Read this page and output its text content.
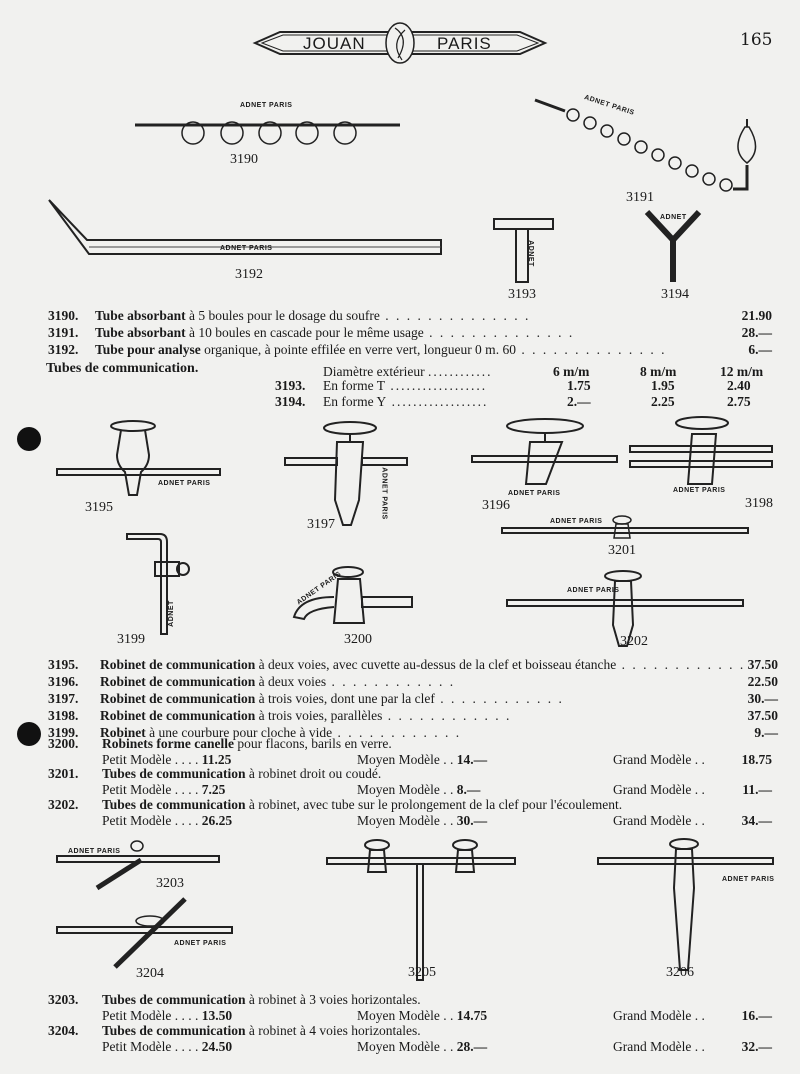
JOUAN	PARIS	165
ADNET PARIS
3190
ADNET PARIS
3191
ADNET PARIS
3192
ADNET
3193
ADNET
3194
3190. Tube absorbant à 5 boules pour le dosage du soufre . . . . . . . . . . . . . .	21.90
3191. Tube absorbant à 10 boules en cascade pour le même usage . . . . . . . . . . . . . .	28.—
3192. Tube pour analyse organique, à pointe effilée en verre vert, longueur 0 m. 60 . . . . . . . . . . . . . .	6.—
Tubes de communication.	Diamètre extérieur ............	6 m/m	8 m/m	12 m/m
3193. En forme T ..................	1.75	1.95	2.40
3194. En forme Y ..................	2.—	2.25	2.75
ADNET PARIS
3195	ADNET PARIS
3197
ADNET PARIS
3196
ADNET PARIS
3198
ADNET PARIS
3201
ADNET
3199
ADNET PARIS
3200
ADNET PARIS
3202
3195. Robinet de communication à deux voies, avec cuvette au-dessus de la clef et boisseau étanche . . . . . . . . . . . . 37.50
3196. Robinet de communication à deux voies . . . . . . . . . . . .	22.50
3197. Robinet de communication à trois voies, dont une par la clef . . . . . . . . . . . .	30.—
3198. Robinet de communication à trois voies, parallèles . . . . . . . . . . . .	37.50
3199. Robinet à une courbure pour cloche à vide . . . . . . . . . . . .	9.—
3200. Robinets forme canelle pour flacons, barils en verre.
Petit Modèle . . . . 11.25	Moyen Modèle . . 14.—	Grand Modèle . .	18.75
3201. Tubes de communication à robinet droit ou coudé.
Petit Modèle . . . . 7.25	Moyen Modèle . . 8.—	Grand Modèle . .	11.—
3202. Tubes de communication à robinet, avec tube sur le prolongement de la clef pour l'écoulement.
Petit Modèle . . . . 26.25	Moyen Modèle . . 30.—	Grand Modèle . .	34.—
ADNET PARIS
3203
ADNET PARIS
3204	3205
ADNET PARIS
3206
3203. Tubes de communication à robinet à 3 voies horizontales.
Petit Modèle . . . . 13.50	Moyen Modèle . . 14.75	Grand Modèle . .	16.—
3204. Tubes de communication à robinet à 4 voies horizontales.
Petit Modèle . . . . 24.50	Moyen Modèle . . 28.—	Grand Modèle . .	32.—
